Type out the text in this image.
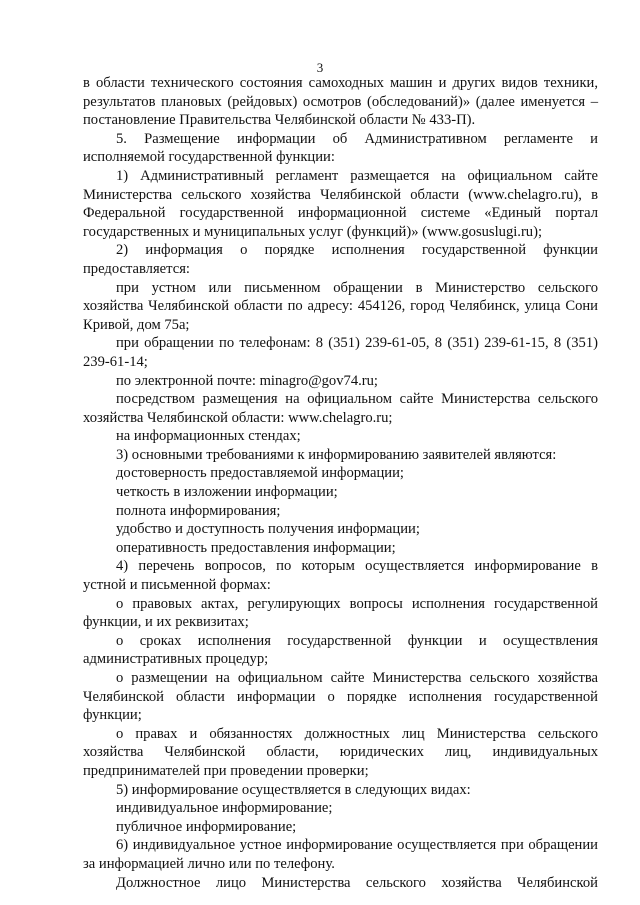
3

в области технического состояния самоходных машин и других видов техники, результатов плановых (рейдовых) осмотров (обследований)» (далее именуется – постановление Правительства Челябинской области № 433-П).

5. Размещение информации об Административном регламенте и исполняемой государственной функции:

1) Административный регламент размещается на официальном сайте Министерства сельского хозяйства Челябинской области (www.chelagro.ru), в Федеральной государственной информационной системе «Единый портал государственных и муниципальных услуг (функций)» (www.gosuslugi.ru);

2) информация о порядке исполнения государственной функции предоставляется:

при устном или письменном обращении в Министерство сельского хозяйства Челябинской области по адресу: 454126, город Челябинск, улица Сони Кривой, дом 75а;

при обращении по телефонам: 8 (351) 239-61-05, 8 (351) 239-61-15, 8 (351) 239-61-14;

по электронной почте: minagro@gov74.ru;

посредством размещения на официальном сайте Министерства сельского хозяйства Челябинской области: www.chelagro.ru;

на информационных стендах;

3) основными требованиями к информированию заявителей являются:

достоверность предоставляемой информации;

четкость в изложении информации;

полнота информирования;

удобство и доступность получения информации;

оперативность предоставления информации;

4) перечень вопросов, по которым осуществляется информирование в устной и письменной формах:

о правовых актах, регулирующих вопросы исполнения государственной функции, и их реквизитах;

о сроках исполнения государственной функции и осуществления административных процедур;

о размещении на официальном сайте Министерства сельского хозяйства Челябинской области информации о порядке исполнения государственной функции;

о правах и обязанностях должностных лиц Министерства сельского хозяйства Челябинской области, юридических лиц, индивидуальных предпринимателей при проведении проверки;

5) информирование осуществляется в следующих видах:

индивидуальное информирование;

публичное информирование;

6) индивидуальное устное информирование осуществляется при обращении за информацией лично или по телефону.

Должностное лицо Министерства сельского хозяйства Челябинской
